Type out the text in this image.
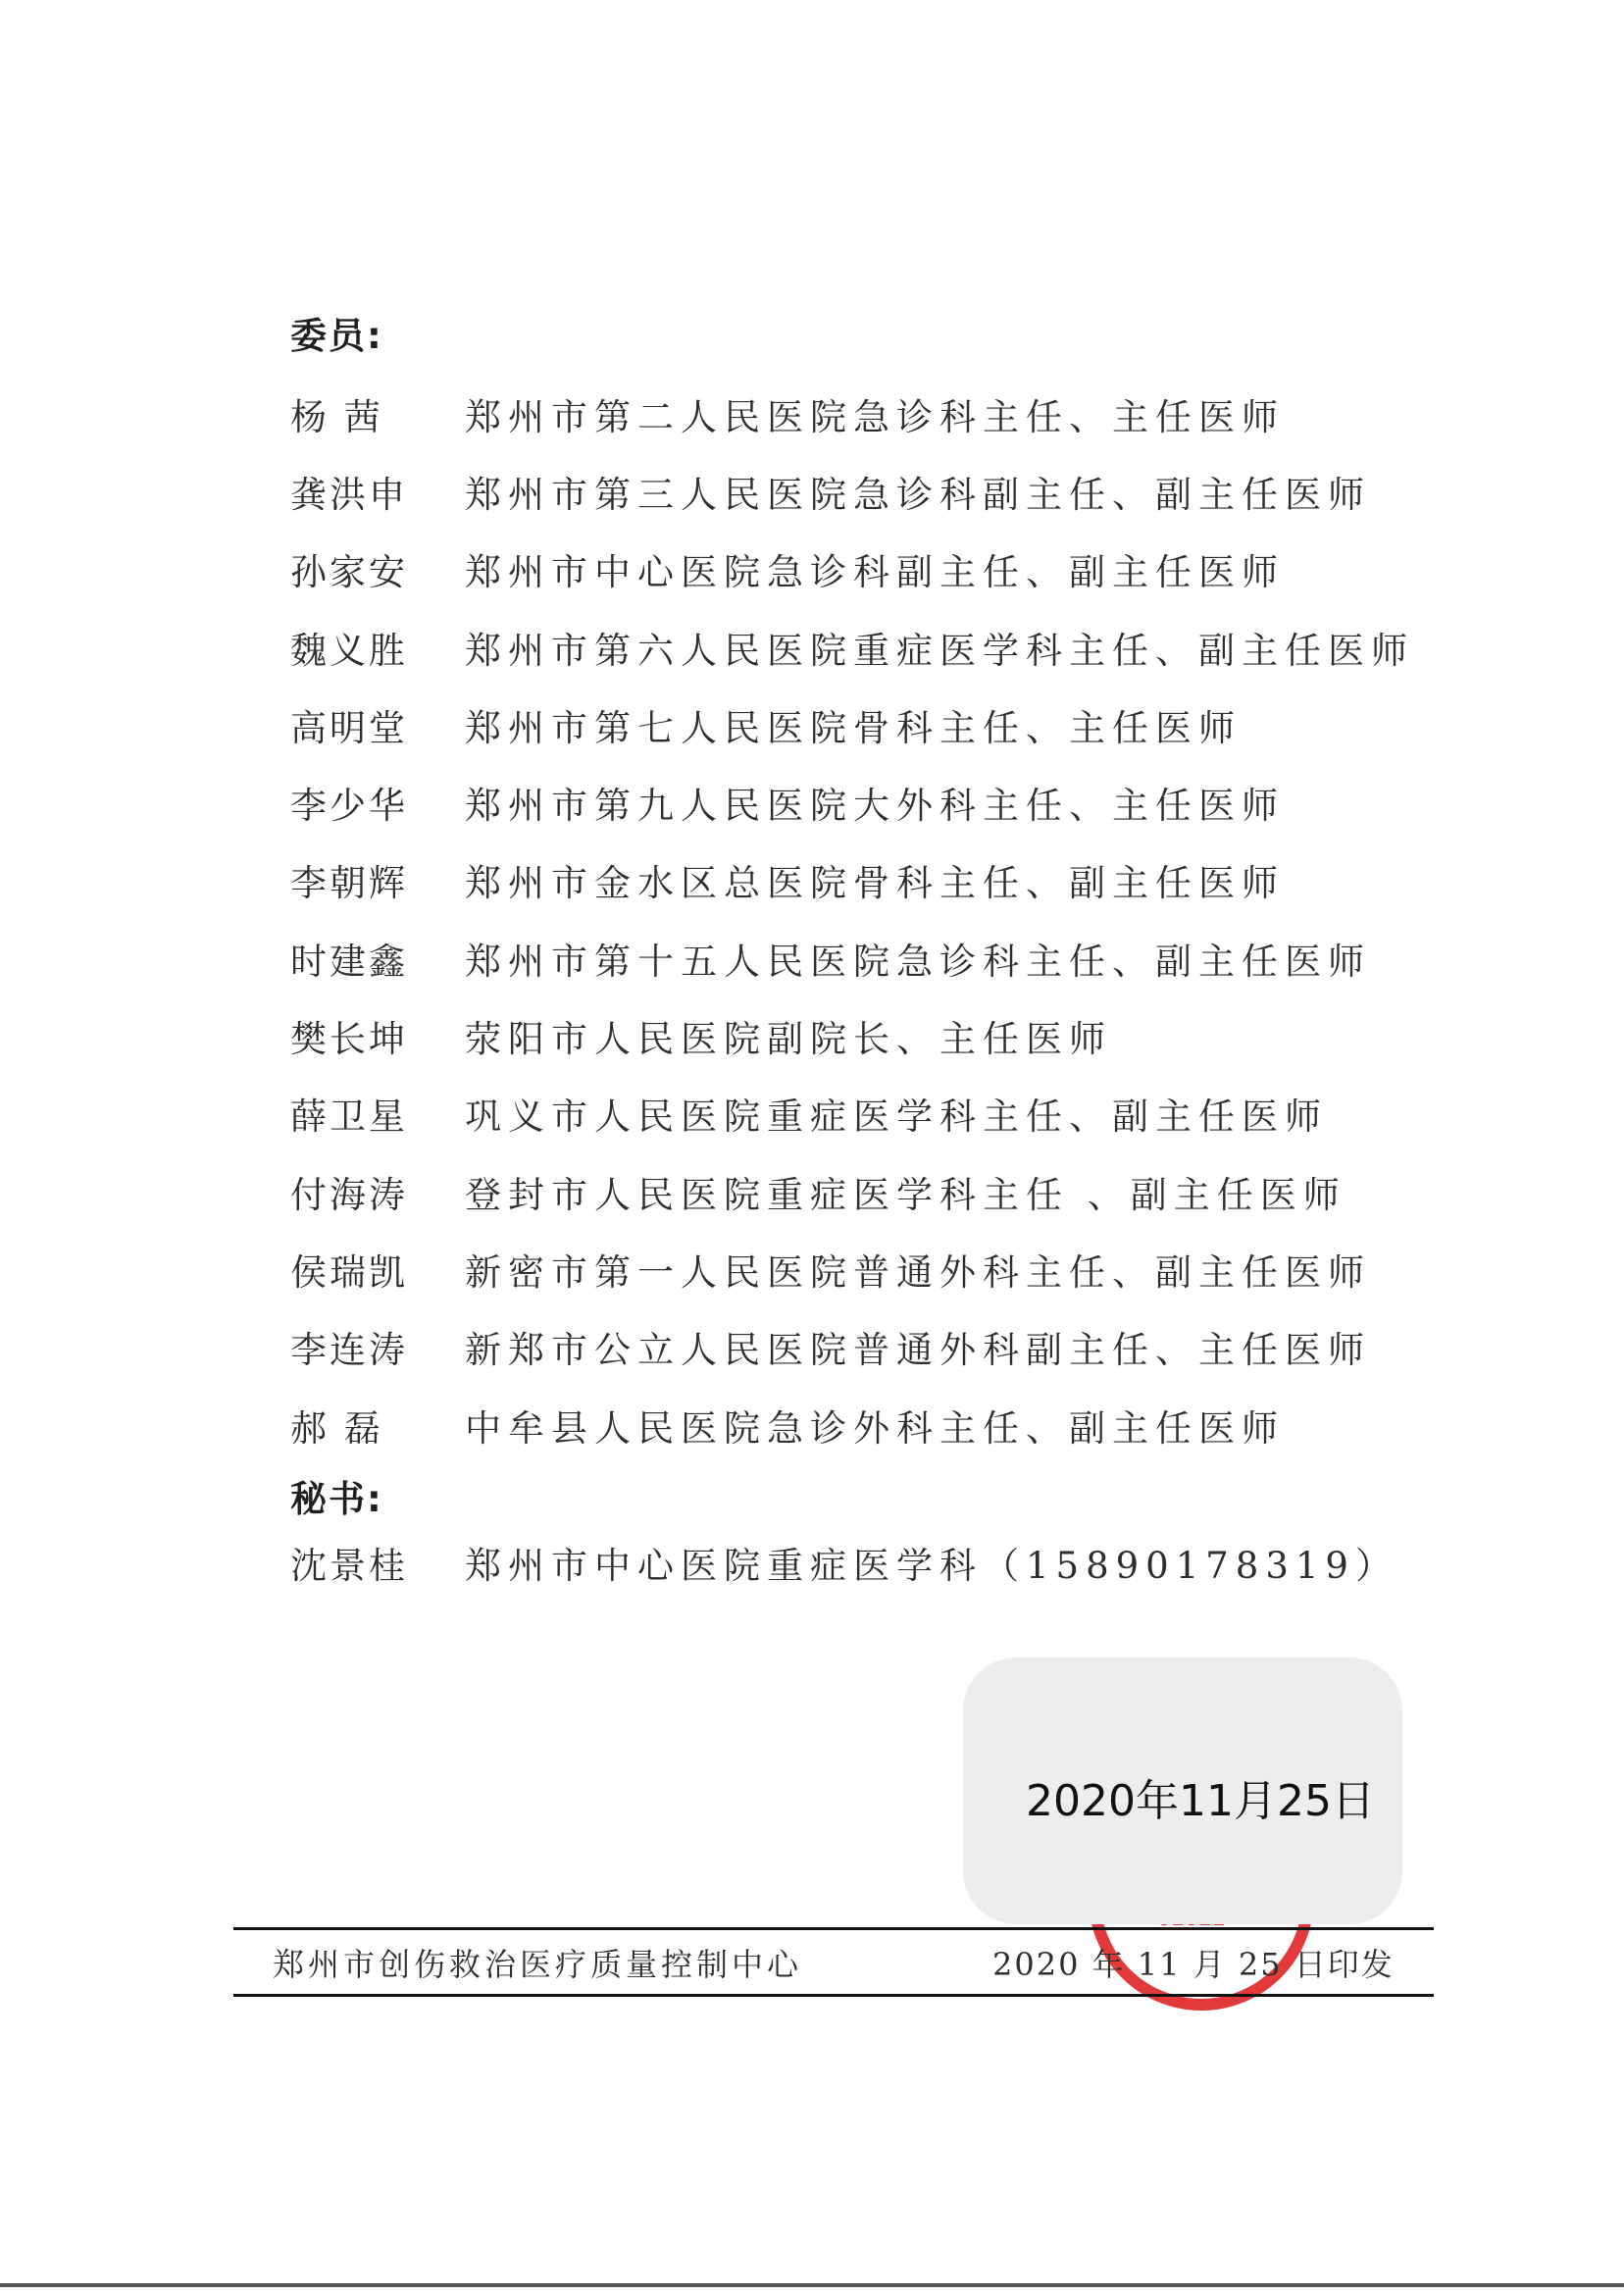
委员:
杨 茜	郑州市第二人民医院急诊科主任、主任医师
龚洪申	郑州市第三人民医院急诊科副主任、副主任医师
孙家安	郑州市中心医院急诊科副主任、副主任医师
魏义胜	郑州市第六人民医院重症医学科主任、副主任医师
高明堂	郑州市第七人民医院骨科主任、主任医师
李少华	郑州市第九人民医院大外科主任、主任医师
李朝辉	郑州市金水区总医院骨科主任、副主任医师
时建鑫	郑州市第十五人民医院急诊科主任、副主任医师
樊长坤	荥阳市人民医院副院长、主任医师
薛卫星	巩义市人民医院重症医学科主任、副主任医师
付海涛	登封市人民医院重症医学科主任 、副主任医师
侯瑞凯	新密市第一人民医院普通外科主任、副主任医师
李连涛	新郑市公立人民医院普通外科副主任、主任医师
郝 磊	中牟县人民医院急诊外科主任、副主任医师
秘书:
沈景桂	郑州市中心医院重症医学科（15890178319）
2020年11月25日
郑州市创伤救治医疗质量控制中心	2020 年 11 月 25 日印发
